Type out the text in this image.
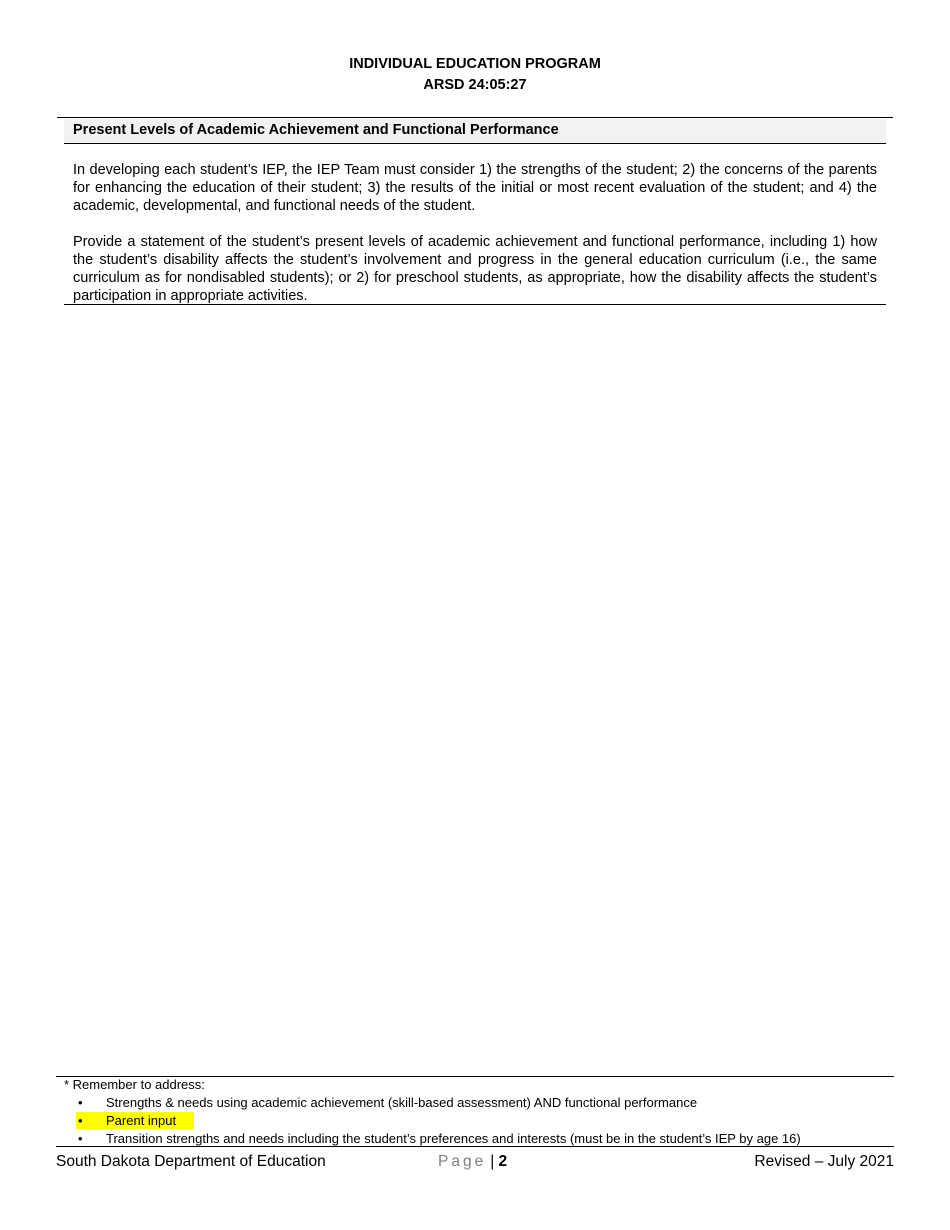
INDIVIDUAL EDUCATION PROGRAM
ARSD 24:05:27
Present Levels of Academic Achievement and Functional Performance

In developing each student’s IEP, the IEP Team must consider 1) the strengths of the student; 2) the concerns of the parents for enhancing the education of their student; 3) the results of the initial or most recent evaluation of the student; and 4) the academic, developmental, and functional needs of the student.

Provide a statement of the student’s present levels of academic achievement and functional performance, including 1) how the student’s disability affects the student’s involvement and progress in the general education curriculum (i.e., the same curriculum as for nondisabled students); or 2) for preschool students, as appropriate, how the disability affects the student’s participation in appropriate activities.

* Remember to address:
• Strengths & needs using academic achievement (skill-based assessment) AND functional performance
• Parent input
• Transition strengths and needs including the student’s preferences and interests (must be in the student’s IEP by age 16)
South Dakota Department of Education	Page | 2	Revised – July 2021
